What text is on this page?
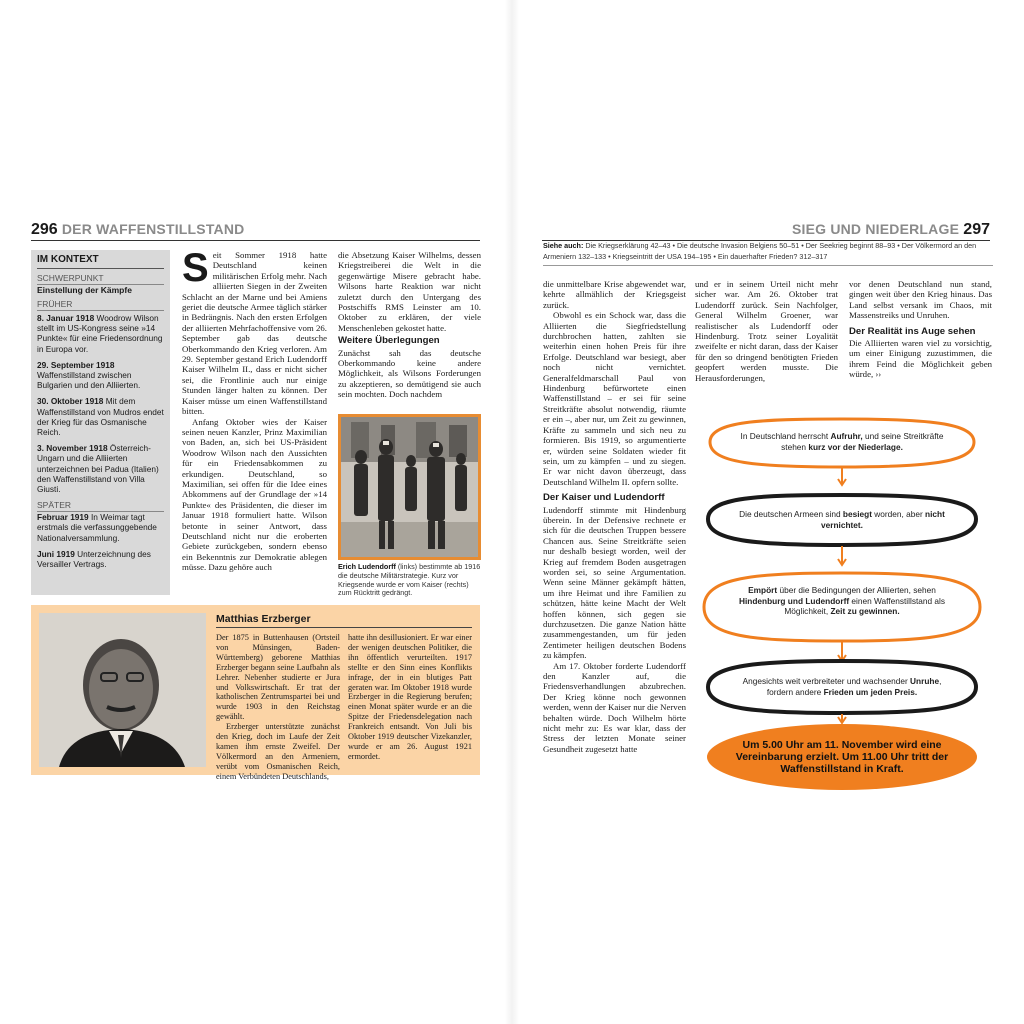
296 DER WAFFENSTILLSTAND
IM KONTEXT
SCHWERPUNKT
Einstellung der Kämpfe
FRÜHER
8. Januar 1918 Woodrow Wilson stellt im US-Kongress seine »14 Punkte« für eine Friedensordnung in Europa vor.
29. September 1918 Waffenstillstand zwischen Bulgarien und den Alliierten.
30. Oktober 1918 Mit dem Waffenstillstand von Mudros endet der Krieg für das Osmanische Reich.
3. November 1918 Österreich-Ungarn und die Alliierten unterzeichnen bei Padua (Italien) den Waffenstillstand von Villa Giusti.
SPÄTER
Februar 1919 In Weimar tagt erstmals die verfassunggebende Nationalversammlung.
Juni 1919 Unterzeichnung des Versailler Vertrags.
S eit Sommer 1918 hatte Deutschland keinen militärischen Erfolg mehr. Nach alliierten Siegen in der Zweiten Schlacht an der Marne und bei Amiens geriet die deutsche Armee täglich stärker in Bedrängnis. Nach den ersten Erfolgen der alliierten Mehrfachoffensive vom 26. September gab das deutsche Oberkommando den Krieg verloren. Am 29. September gestand Erich Ludendorff Kaiser Wilhelm II., dass er nicht sicher sei, die Frontlinie auch nur einige Stunden länger halten zu können. Der Kaiser müsse um einen Waffenstillstand bitten.

Anfang Oktober wies der Kaiser seinen neuen Kanzler, Prinz Maximilian von Baden, an, sich bei US-Präsident Woodrow Wilson nach den Aussichten für ein Friedensabkommen zu erkundigen. Deutschland, so Maximilian, sei offen für die Idee eines Abkommens auf der Grundlage der »14 Punkte« des Präsidenten, die dieser im Januar 1918 formuliert hatte. Wilson betonte in seiner Antwort, dass Deutschland nicht nur die eroberten Gebiete zurückgeben, sondern ebenso ein Bekenntnis zur Demokratie ablegen müsse. Dazu gehöre auch

die Absetzung Kaiser Wilhelms, dessen Kriegstreiberei die Welt in die gegenwärtige Misere gebracht habe. Wilsons harte Reaktion war nicht zuletzt durch den Untergang des Postschiffs RMS Leinster am 10. Oktober zu erklären, der viele Menschenleben gekostet hatte.

Weitere Überlegungen

Zunächst sah das deutsche Oberkommando keine andere Möglichkeit, als Wilsons Forderungen zu akzeptieren, so demütigend sie auch sein mochten. Doch nachdem

Erich Ludendorff (links) bestimmte ab 1916 die deutsche Militärstrategie. Kurz vor Kriegsende wurde er vom Kaiser (rechts) zum Rücktritt gedrängt.
Matthias Erzberger

Der 1875 in Buttenhausen (Ortsteil von Münsingen, Baden-Württemberg) geborene Matthias Erzberger begann seine Laufbahn als Lehrer. Nebenher studierte er Jura und Volkswirtschaft. Er trat der katholischen Zentrumspartei bei und wurde 1903 in den Reichstag gewählt.

Erzberger unterstützte zunächst den Krieg, doch im Laufe der Zeit kamen ihm ernste Zweifel. Der Völkermord an den Armeniern, verübt vom Osmanischen Reich, einem Verbündeten Deutschlands,

hatte ihn desillusioniert. Er war einer der wenigen deutschen Politiker, die ihn öffentlich verurteilten. 1917 stellte er den Sinn eines Konflikts infrage, der in ein blutiges Patt geraten war. Im Oktober 1918 wurde Erzberger in die Regierung berufen; einen Monat später wurde er an die Spitze der Friedensdelegation nach Frankreich entsandt. Von Juli bis Oktober 1919 deutscher Vizekanzler, wurde er am 26. August 1921 ermordet.

SIEG UND NIEDERLAGE 297
Siehe auch: Die Kriegserklärung 42–43 • Die deutsche Invasion Belgiens 50–51 • Der Seekrieg beginnt 88–93 • Der Völkermord an den Armeniern 132–133 • Kriegseintritt der USA 194–195 • Ein dauerhafter Frieden? 312–317

die unmittelbare Krise abgewendet war, kehrte allmählich der Kriegsgeist zurück.

Obwohl es ein Schock war, dass die Alliierten die Siegfriedstellung durchbrochen hatten, zahlten sie weiterhin einen hohen Preis für ihre Erfolge. Deutschland war besiegt, aber noch nicht vernichtet. Generalfeldmarschall Paul von Hindenburg befürwortete einen Waffenstillstand – er sei für seine Streitkräfte absolut notwendig, räumte er ein –, aber nur, um Zeit zu gewinnen, Kräfte zu sammeln und sich neu zu formieren. Bis 1919, so argumentierte er, würden seine Soldaten wieder fit sein, um zu kämpfen – und zu siegen. Er war nicht davon überzeugt, dass Deutschland Wilhelm II. opfern sollte.

Der Kaiser und Ludendorff

Ludendorff stimmte mit Hindenburg überein. In der Defensive rechnete er sich für die deutschen Truppen bessere Chancen aus. Seine Streitkräfte seien nur deshalb besiegt worden, weil der Krieg auf fremdem Boden ausgetragen worden sei, so seine Argumentation. Wenn seine Männer gekämpft hätten, um ihre Heimat und ihre Familien zu schützen, hätte keine Macht der Welt hoffen können, sich gegen sie durchzusetzen. Die ganze Nation hätte zusammengestanden, um für jeden Zentimeter heiligen deutschen Bodens zu kämpfen.

Am 17. Oktober forderte Ludendorff den Kanzler auf, die Friedensverhandlungen abzubrechen. Der Krieg könne noch gewonnen werden, wenn der Kaiser nur die Nerven behalten würde. Doch Wilhelm hörte nicht mehr zu: Es war klar, dass der Stress der letzten Monate seiner Gesundheit zugesetzt hatte

und er in seinem Urteil nicht mehr sicher war. Am 26. Oktober trat Ludendorff zurück. Sein Nachfolger, General Wilhelm Groener, war realistischer als Ludendorff oder Hindenburg. Trotz seiner Loyalität zweifelte er nicht daran, dass der Kaiser für den so dringend benötigten Frieden geopfert werden musste. Die Herausforderungen,

vor denen Deutschland nun stand, gingen weit über den Krieg hinaus. Das Land selbst versank im Chaos, mit Massenstreiks und Unruhen.

Der Realität ins Auge sehen

Die Alliierten waren viel zu vorsichtig, um einer Einigung zuzustimmen, die ihrem Feind die Möglichkeit geben würde, ››

In Deutschland herrscht Aufruhr, und seine Streitkräfte stehen kurz vor der Niederlage.
Die deutschen Armeen sind besiegt worden, aber nicht vernichtet.
Empört über die Bedingungen der Alliierten, sehen Hindenburg und Ludendorff einen Waffenstillstand als Möglichkeit, Zeit zu gewinnen.
Angesichts weit verbreiteter und wachsender Unruhe, fordern andere Frieden um jeden Preis.
Um 5.00 Uhr am 11. November wird eine Vereinbarung erzielt. Um 11.00 Uhr tritt der Waffenstillstand in Kraft.
